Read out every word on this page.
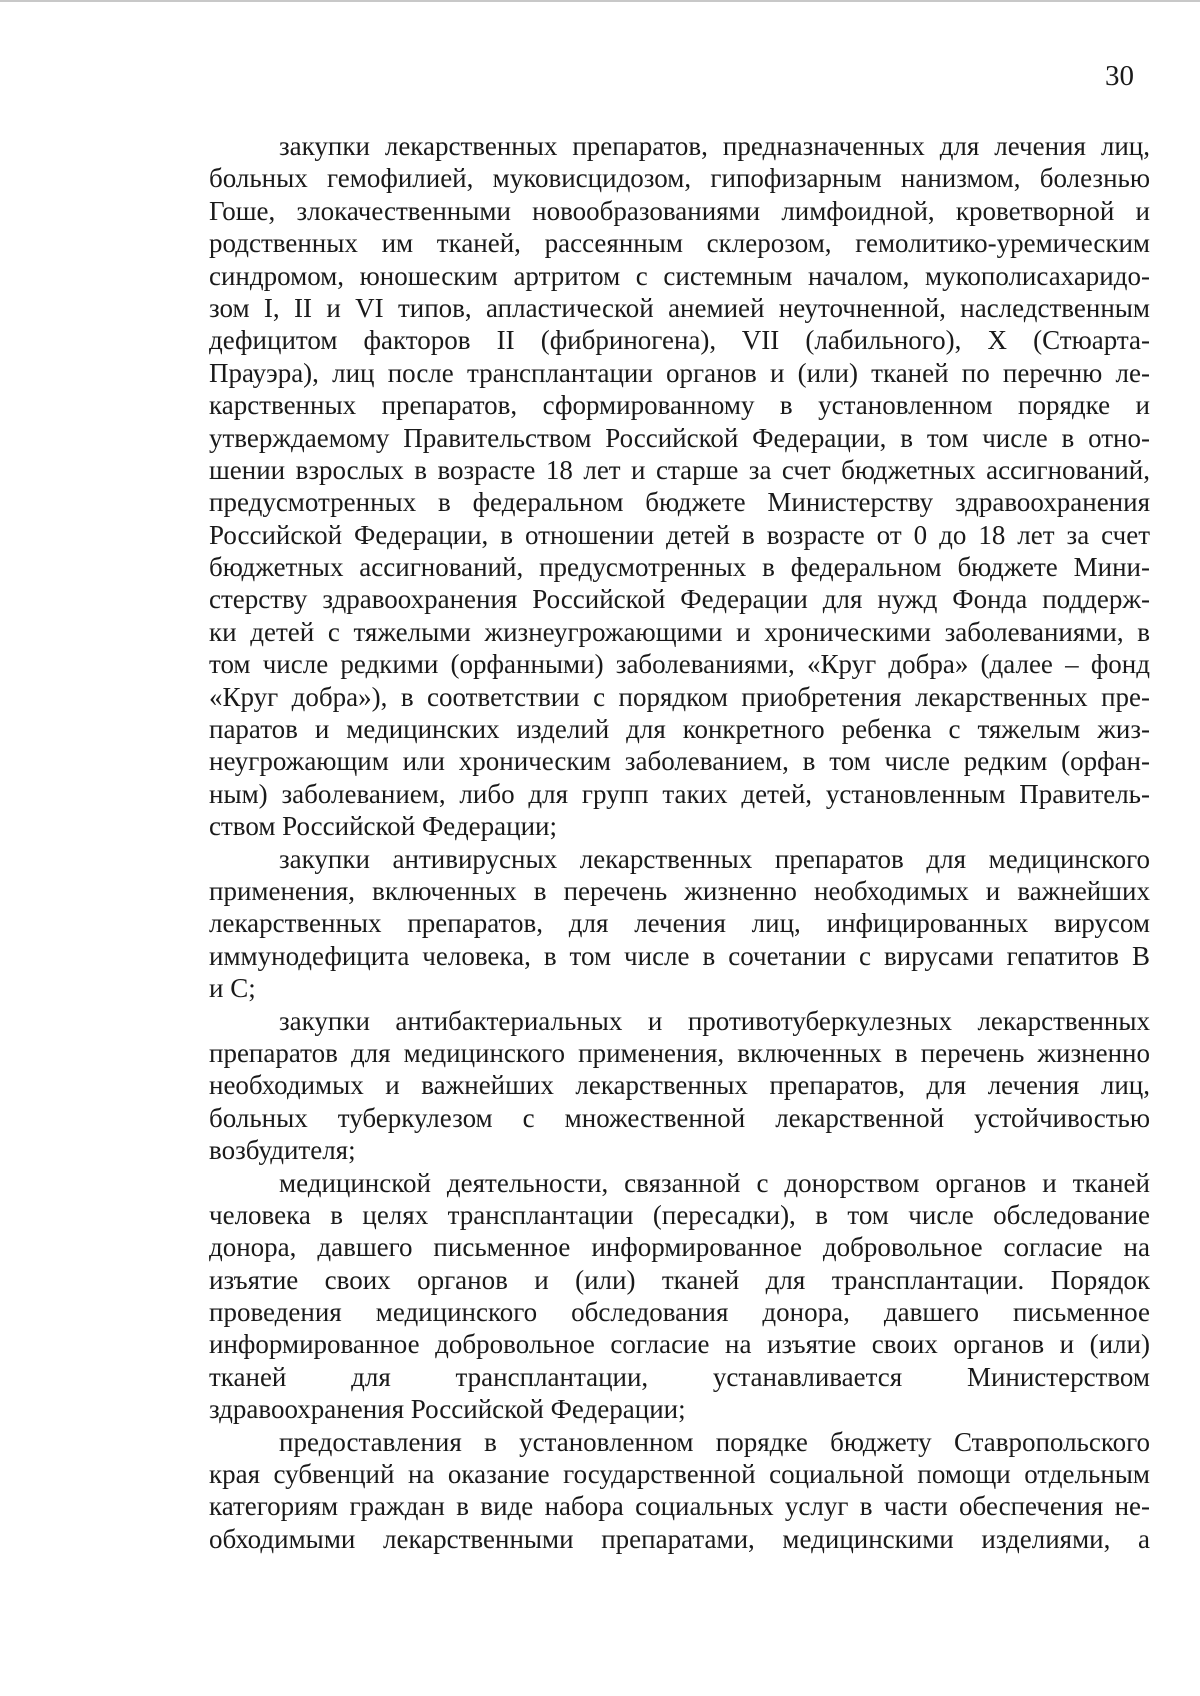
30
закупки лекарственных препаратов, предназначенных для лечения лиц,
больных гемофилией, муковисцидозом, гипофизарным нанизмом, болезнью
Гоше, злокачественными новообразованиями лимфоидной, кроветворной и
родственных им тканей, рассеянным склерозом, гемолитико-уремическим
синдромом, юношеским артритом с системным началом, мукополисахаридо-
зом I, II и VI типов, апластической анемией неуточненной, наследственным
дефицитом факторов II (фибриногена), VII (лабильного), X (Стюарта-
Прауэра), лиц после трансплантации органов и (или) тканей по перечню ле-
карственных препаратов, сформированному в установленном порядке и
утверждаемому Правительством Российской Федерации, в том числе в отно-
шении взрослых в возрасте 18 лет и старше за счет бюджетных ассигнований,
предусмотренных в федеральном бюджете Министерству здравоохранения
Российской Федерации, в отношении детей в возрасте от 0 до 18 лет за счет
бюджетных ассигнований, предусмотренных в федеральном бюджете Мини-
стерству здравоохранения Российской Федерации для нужд Фонда поддерж-
ки детей с тяжелыми жизнеугрожающими и хроническими заболеваниями, в
том числе редкими (орфанными) заболеваниями, «Круг добра» (далее – фонд
«Круг добра»), в соответствии с порядком приобретения лекарственных пре-
паратов и медицинских изделий для конкретного ребенка с тяжелым жиз-
неугрожающим или хроническим заболеванием, в том числе редким (орфан-
ным) заболеванием, либо для групп таких детей, установленным Правитель-
ством Российской Федерации;
закупки антивирусных лекарственных препаратов для медицинского
применения, включенных в перечень жизненно необходимых и важнейших
лекарственных препаратов, для лечения лиц, инфицированных вирусом
иммунодефицита человека, в том числе в сочетании с вирусами гепатитов B
и C;
закупки антибактериальных и противотуберкулезных лекарственных
препаратов для медицинского применения, включенных в перечень жизненно
необходимых и важнейших лекарственных препаратов, для лечения лиц,
больных туберкулезом с множественной лекарственной устойчивостью
возбудителя;
медицинской деятельности, связанной с донорством органов и тканей
человека в целях трансплантации (пересадки), в том числе обследование
донора, давшего письменное информированное добровольное согласие на
изъятие своих органов и (или) тканей для трансплантации. Порядок
проведения медицинского обследования донора, давшего письменное
информированное добровольное согласие на изъятие своих органов и (или)
тканей для трансплантации, устанавливается Министерством
здравоохранения Российской Федерации;
предоставления в установленном порядке бюджету Ставропольского
края субвенций на оказание государственной социальной помощи отдельным
категориям граждан в виде набора социальных услуг в части обеспечения не-
обходимыми лекарственными препаратами, медицинскими изделиями, а
